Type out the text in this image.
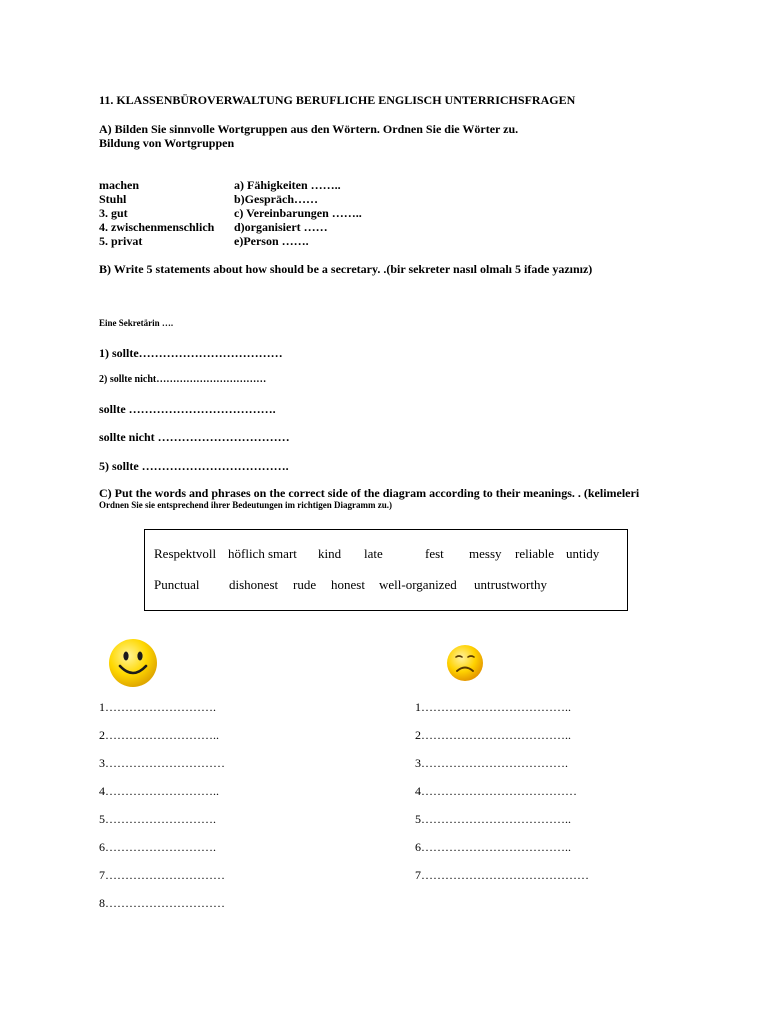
11. KLASSENBÜROVERWALTUNG BERUFLICHE ENGLISCH UNTERRICHSFRAGEN
A) Bilden Sie sinnvolle Wortgruppen aus den Wörtern. Ordnen Sie die Wörter zu.
Bildung von Wortgruppen
machen
Stuhl
3. gut
4. zwischenmenschlich
5. privat
a) Fähigkeiten ……..
b)Gespräch……
c) Vereinbarungen ……..
d)organisiert ……
e)Person …….
B) Write 5 statements about how should be a secretary. .(bir sekreter nasıl olmalı 5 ifade yazınız)
Eine Sekretärin ….
1) sollte………………………………
2) sollte nicht……………………………
sollte ……………………………….
sollte nicht ……………………………
5) sollte ……………………………….
C) Put the words and phrases on the correct side of the diagram according to their meanings. . (kelimeleri
Ordnen Sie sie entsprechend ihrer Bedeutungen im richtigen Diagramm zu.)
Respektvoll höflich smart kind late	fest messy reliable untidy
Punctual dishonest rude honest well-organized untrustworthy
1……………………….
2………………………..
3…………………………
4………………………..
5……………………….
6……………………….
7…………………………
8…………………………
1………………………………..
2………………………………..
3……………………………….
4…………………………………
5………………………………..
6………………………………..
7……………………………………
